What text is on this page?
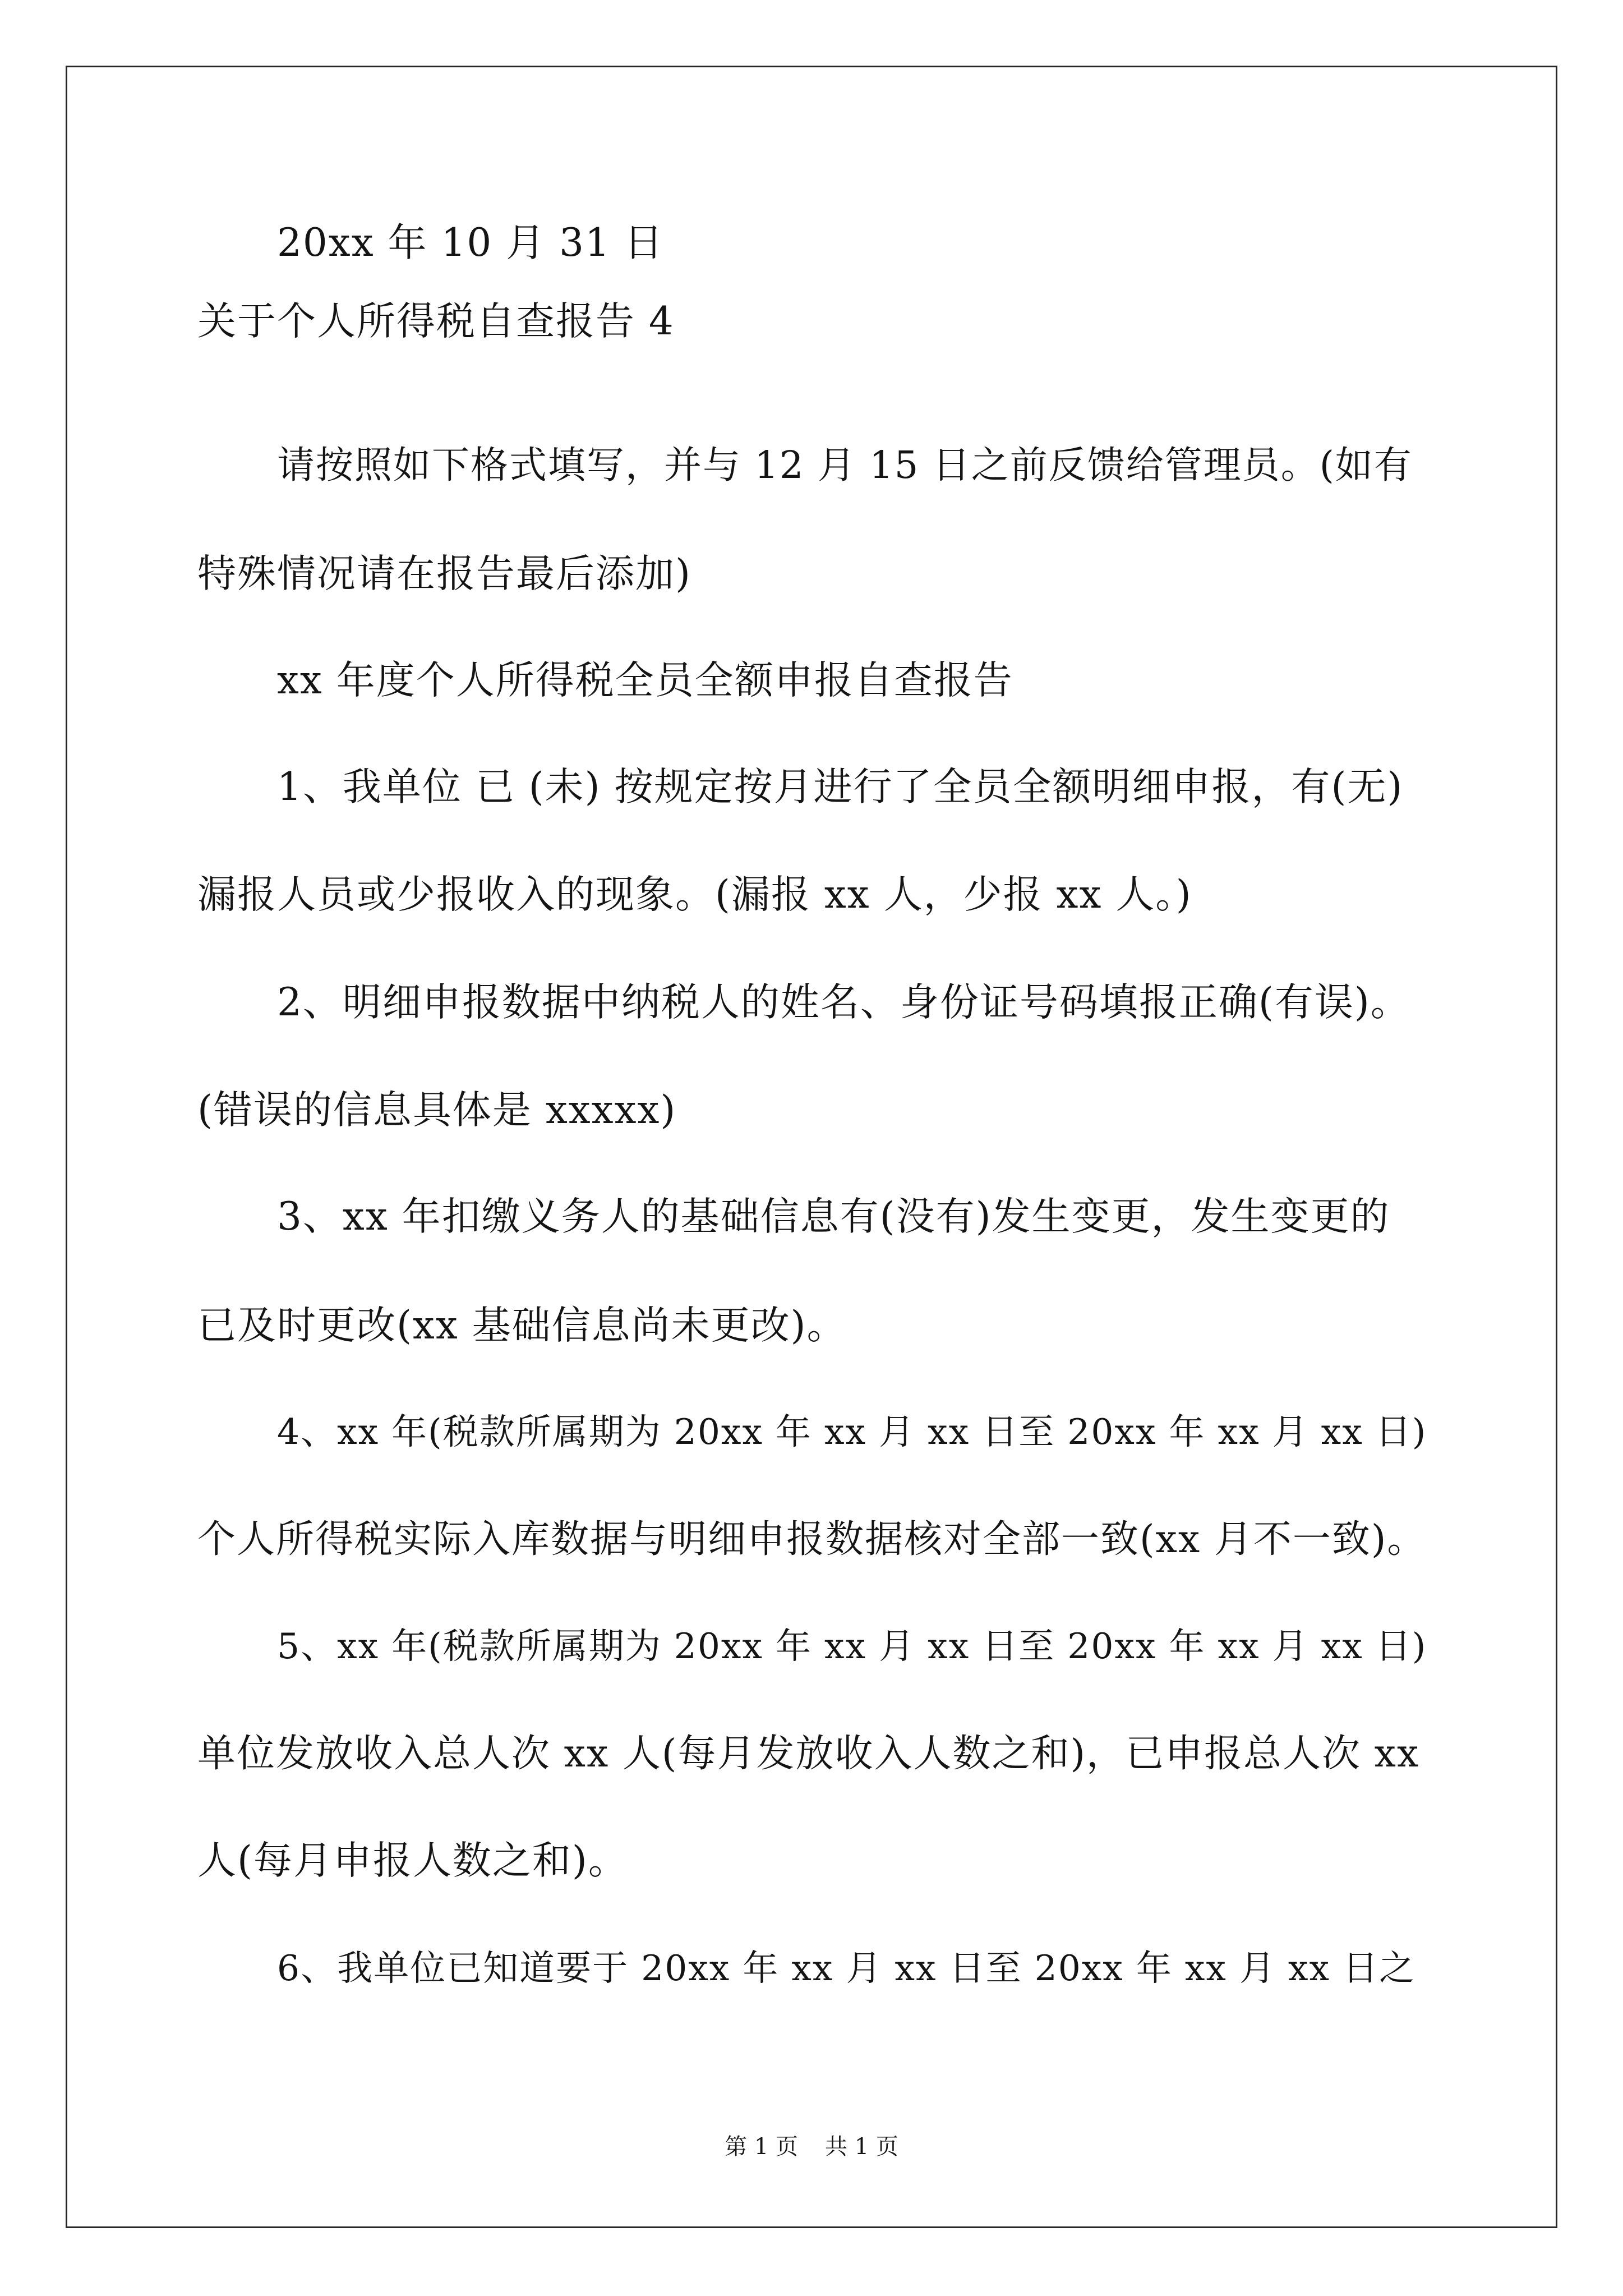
20xx 年 10 月 31 日
关于个人所得税自查报告 4
请按照如下格式填写，并与 12 月 15 日之前反馈给管理员。(如有
特殊情况请在报告最后添加)
xx 年度个人所得税全员全额申报自查报告
1、我单位 已 (未) 按规定按月进行了全员全额明细申报，有(无)
漏报人员或少报收入的现象。(漏报 xx 人，少报 xx 人。)
2、明细申报数据中纳税人的姓名、身份证号码填报正确(有误)。
(错误的信息具体是 xxxxx)
3、xx 年扣缴义务人的基础信息有(没有)发生变更，发生变更的
已及时更改(xx 基础信息尚未更改)。
4、xx 年(税款所属期为 20xx 年 xx 月 xx 日至 20xx 年 xx 月 xx 日)
个人所得税实际入库数据与明细申报数据核对全部一致(xx 月不一致)。
5、xx 年(税款所属期为 20xx 年 xx 月 xx 日至 20xx 年 xx 月 xx 日)
单位发放收入总人次 xx 人(每月发放收入人数之和)，已申报总人次 xx
人(每月申报人数之和)。
6、我单位已知道要于 20xx 年 xx 月 xx 日至 20xx 年 xx 月 xx 日之
第 1 页 共 1 页
